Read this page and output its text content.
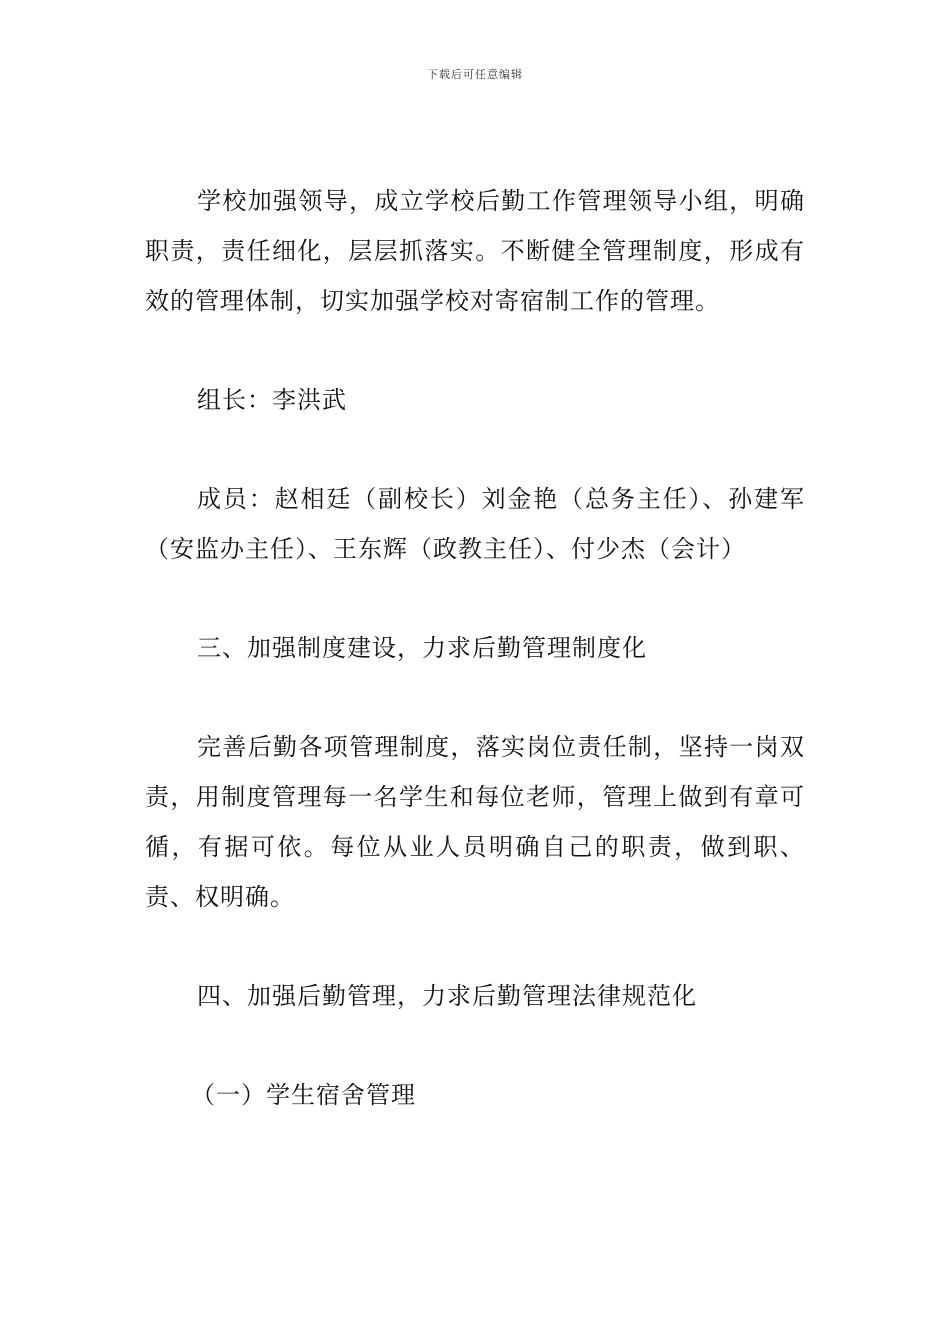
下载后可任意编辑

学校加强领导，成立学校后勤工作管理领导小组，明确职责，责任细化，层层抓落实。不断健全管理制度，形成有效的管理体制，切实加强学校对寄宿制工作的管理。

组长：李洪武

成员：赵相廷（副校长）刘金艳（总务主任）、孙建军（安监办主任）、王东辉（政教主任）、付少杰（会计）

三、加强制度建设，力求后勤管理制度化

完善后勤各项管理制度，落实岗位责任制，坚持一岗双责，用制度管理每一名学生和每位老师，管理上做到有章可循，有据可依。每位从业人员明确自己的职责，做到职、责、权明确。

四、加强后勤管理，力求后勤管理法律规范化

（一）学生宿舍管理
